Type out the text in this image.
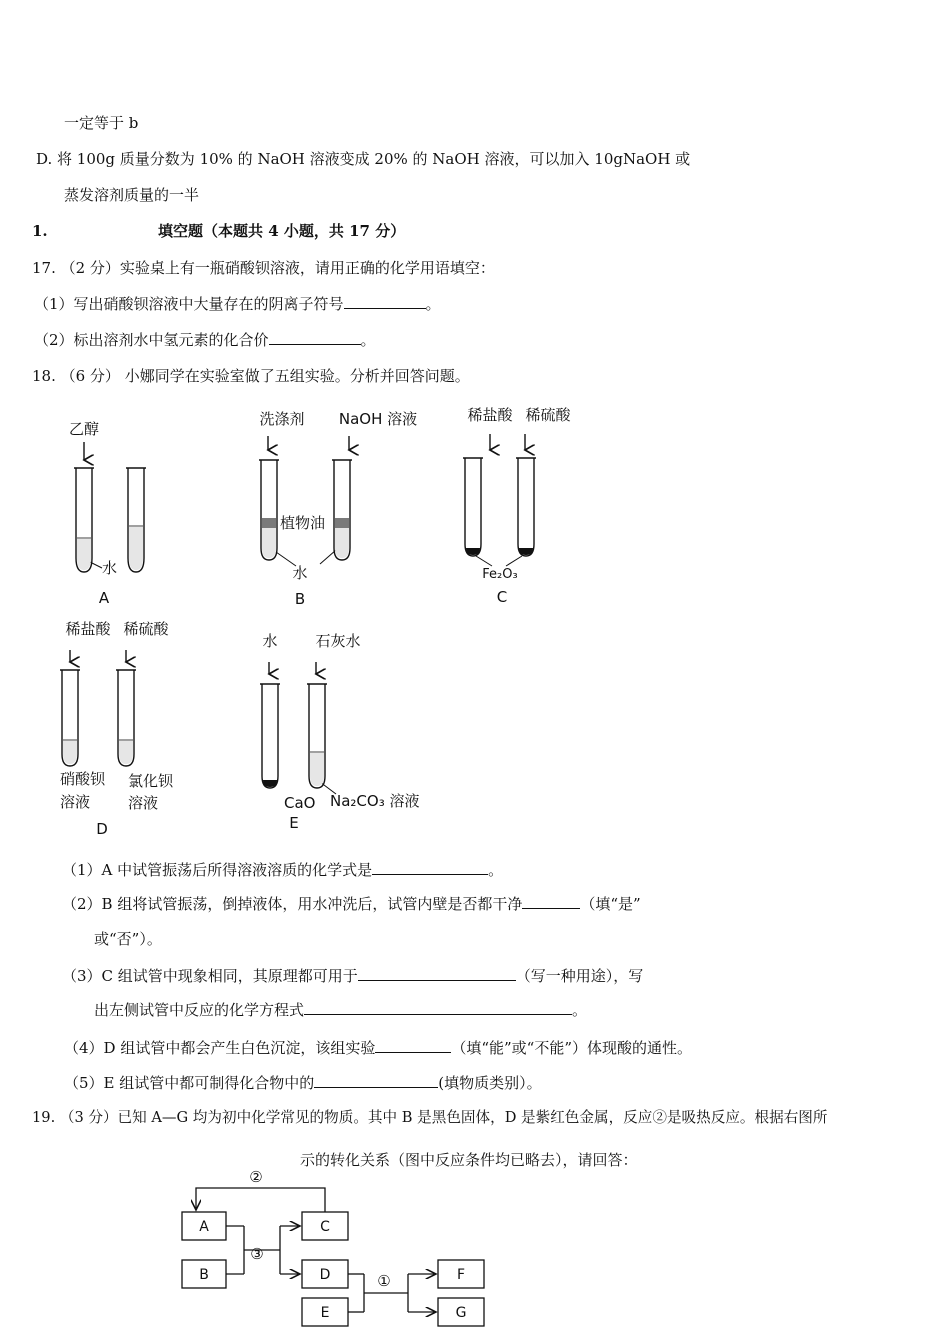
一定等于 b
D. 将 100g 质量分数为 10% 的 NaOH 溶液变成 20% 的 NaOH 溶液，可以加入 10gNaOH 或
蒸发溶剂质量的一半
1.	填空题（本题共 4 小题，共 17 分）
17. （2 分）实验桌上有一瓶硝酸钡溶液，请用正确的化学用语填空：
（1）写出硝酸钡溶液中大量存在的阴离子符号	。
（2）标出溶剂水中氢元素的化合价	。
18. （6 分） 小娜同学在实验室做了五组实验。分析并回答问题。
乙醇
水
A
洗涤剂 NaOH 溶液
植物油
水
B
稀盐酸 稀硫酸
Fe₂O₃
C
稀盐酸 稀硫酸
硝酸钡
溶液
氯化钡
溶液
D
水	石灰水
CaO Na₂CO₃ 溶液
E
（1）A 中试管振荡后所得溶液溶质的化学式是	。
（2）B 组将试管振荡，倒掉液体，用水冲洗后，试管内壁是否都干净	（填“是”
或“否”）。
（3）C 组试管中现象相同，其原理都可用于	（写一种用途），写
出左侧试管中反应的化学方程式	。
（4）D 组试管中都会产生白色沉淀，该组实验	（填“能”或“不能”）体现酸的通性。
（5）E 组试管中都可制得化合物中的	(填物质类别）。
19. （3 分）已知 A—G 均为初中化学常见的物质。其中 B 是黑色固体，D 是紫红色金属，反应②是吸热反应。根据右图所
示的转化关系（图中反应条件均已略去），请回答：
A
B
C
D
E
F
G
②
③
①
